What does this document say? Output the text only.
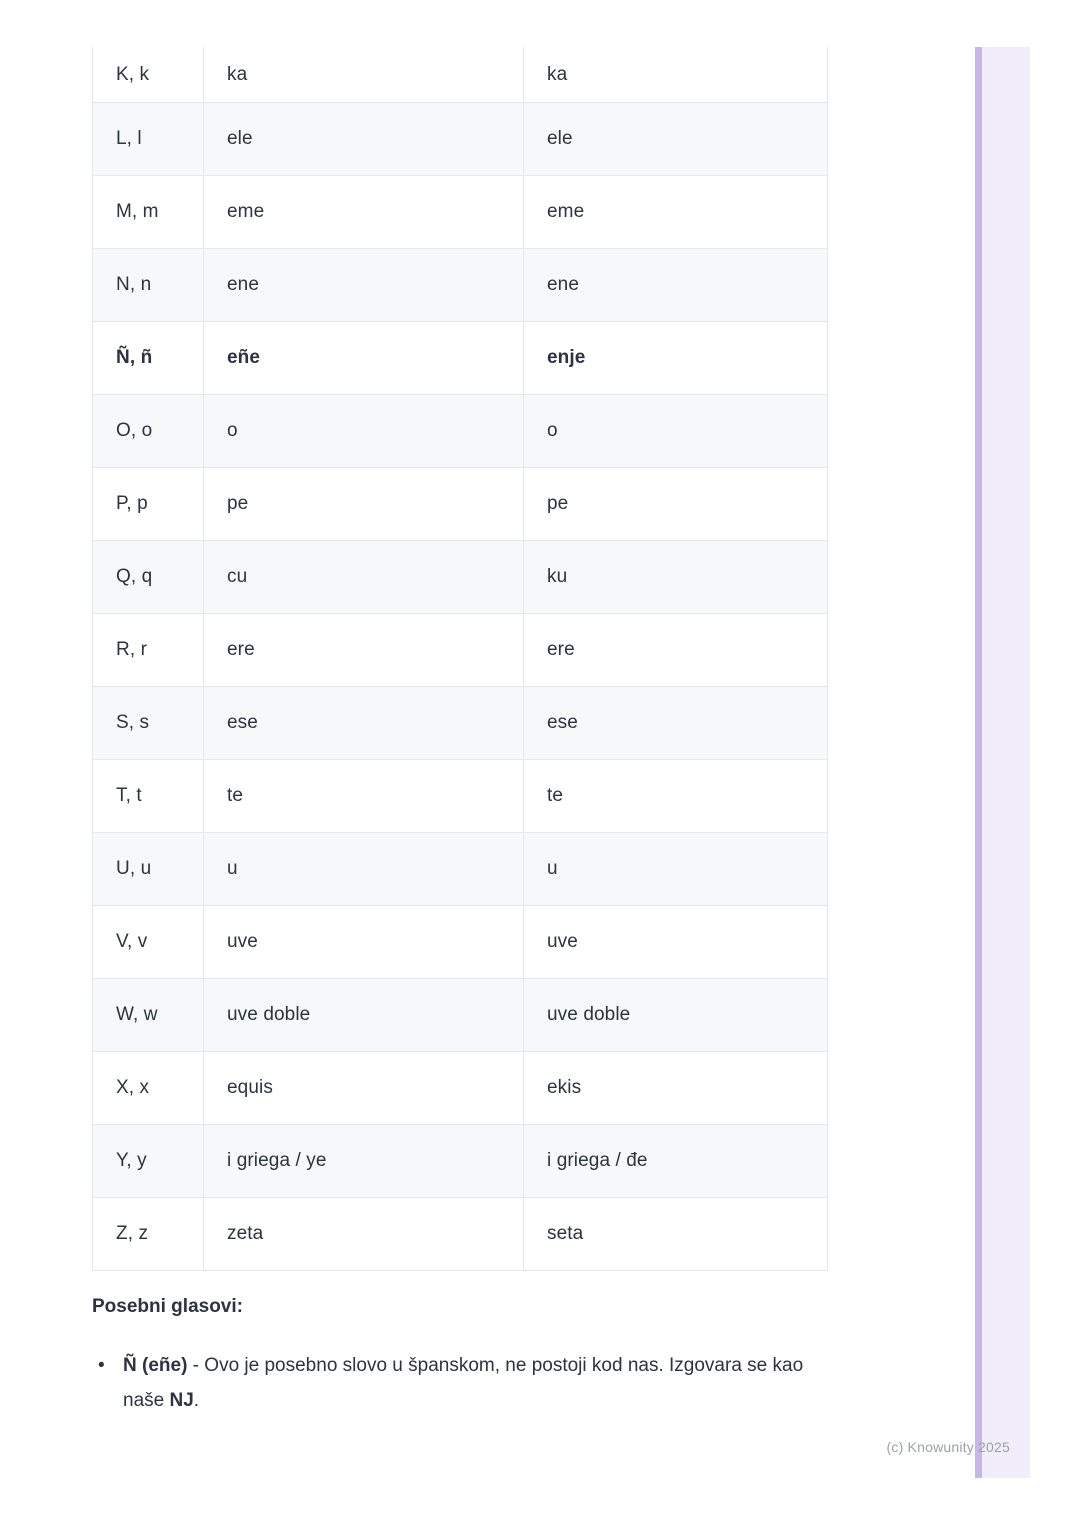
K, k	ka	ka
L, l	ele	ele
M, m	eme	eme
N, n	ene	ene
Ñ, ñ	eñe	enje
O, o	o	o
P, p	pe	pe
Q, q	cu	ku
R, r	ere	ere
S, s	ese	ese
T, t	te	te
U, u	u	u
V, v	uve	uve
W, w	uve doble	uve doble
X, x	equis	ekis
Y, y	i griega / ye	i griega / đe
Z, z	zeta	seta
Posebni glasovi:
• Ñ (eñe) - Ovo je posebno slovo u španskom, ne postoji kod nas. Izgovara se kao naše NJ.
(c) Knowunity 2025
